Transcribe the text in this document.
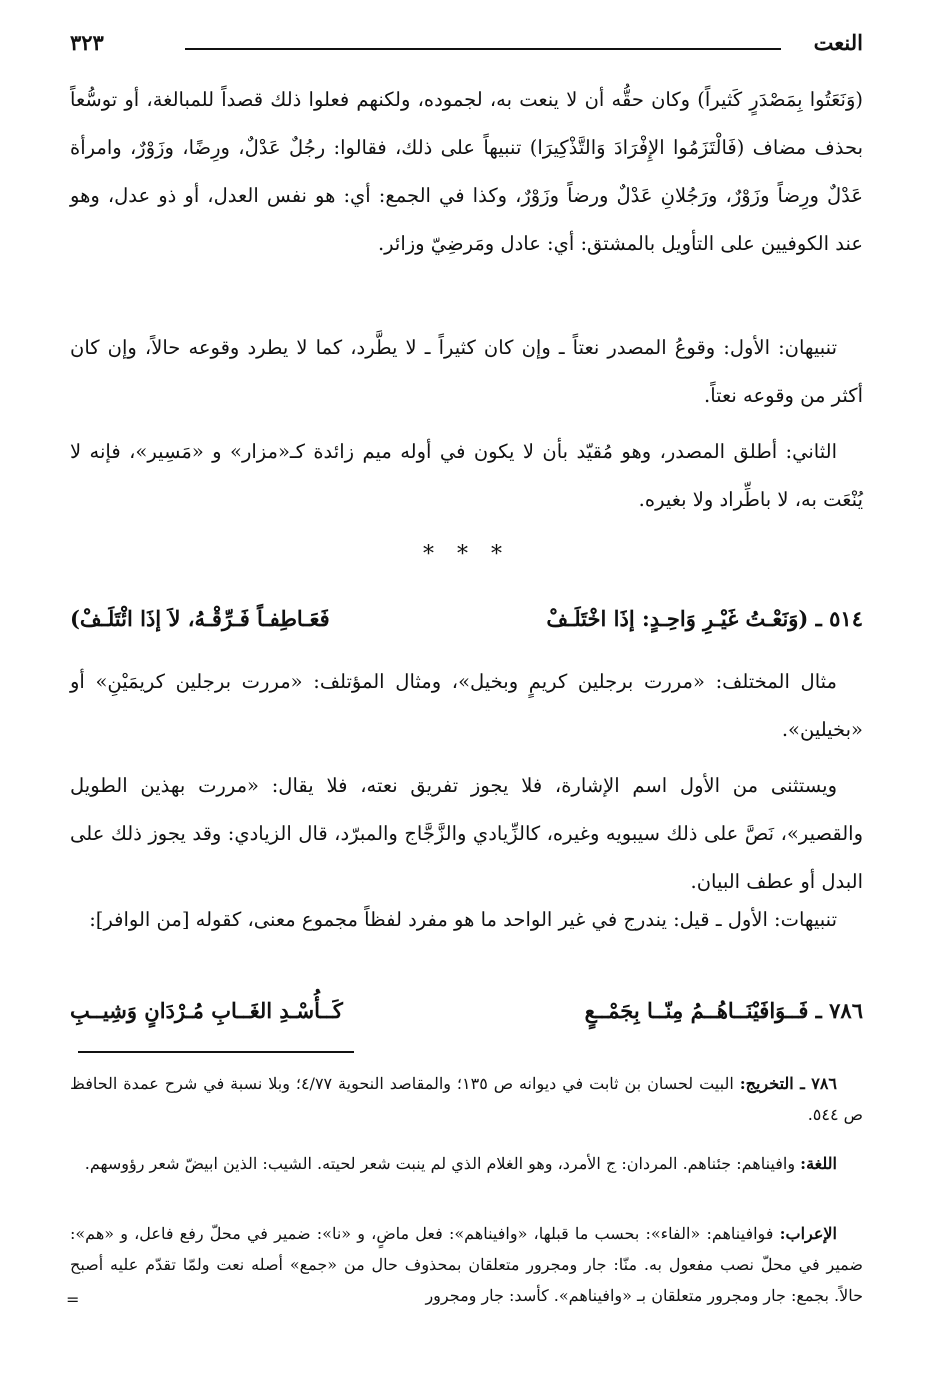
النعت
٣٢٣

(وَنَعَتُوا بِمَصْدَرٍ كَثيراً) وكان حقُّه أن لا ينعت به، لجموده، ولكنهم فعلوا ذلك قصداً للمبالغة، أو توسُّعاً بحذف مضاف (فَالْتَزَمُوا الإِفْرَادَ وَالتَّذْكِيرَا) تنبيهاً على ذلك، فقالوا: رجُلٌ عَدْلٌ، ورِضًا، وزَوْرٌ، وامرأة عَدْلٌ ورِضاً وزَوْرٌ، ورَجُلانِ عَدْلٌ ورضاً وزَوْرٌ، وكذا في الجمع: أي: هو نفس العدل، أو ذو عدل، وهو عند الكوفيين على التأويل بالمشتق: أي: عادل ومَرضِيّ وزائر.

تنبيهان: الأول: وقوعُ المصدر نعتاً ـ وإن كان كثيراً ـ لا يطَّرد، كما لا يطرد وقوعه حالاً، وإن كان أكثر من وقوعه نعتاً.

الثاني: أطلق المصدر، وهو مُقيّد بأن لا يكون في أوله ميم زائدة كـ«مزار» و «مَسِير»، فإنه لا يُنْعَت به، لا باطِّراد ولا بغيره.

* * *
٥١٤ ـ (وَنَعْـتُ غَيْـرِ وَاحِـدٍ: إذَا اخْتَلَـفْ
فَعَـاطِفـاً فَـرِّقْـهُ، لاَ إذَا ائْتَلَـفْ)

مثال المختلف: «مررت برجلين كريمٍ وبخيل»، ومثال المؤتلف: «مررت برجلين كريمَيْنِ» أو «بخيلين».

ويستثنى من الأول اسم الإشارة، فلا يجوز تفريق نعته، فلا يقال: «مررت بهذين الطويل والقصير»، نَصَّ على ذلك سيبويه وغيره، كالزِّيادي والزَّجَّاج والمبرّد، قال الزيادي: وقد يجوز ذلك على البدل أو عطف البيان.

تنبيهات: الأول ـ قيل: يندرج في غير الواحد ما هو مفرد لفظاً مجموع معنى، كقوله [من الوافر]:

٧٨٦ ـ فَــوَافَيْنَــاهُــمُ مِنّــا بِجَمْــعٍ
كَــأُسْـدِ الغَــابِ مُـرْدَانٍ وَشِيــبِ

٧٨٦ ـ التخريج: البيت لحسان بن ثابت في ديوانه ص ١٣٥؛ والمقاصد النحوية ٤/٧٧؛ وبلا نسبة في شرح عمدة الحافظ ص ٥٤٤.

اللغة: وافيناهم: جئناهم. المردان: ج الأمرد، وهو الغلام الذي لم ينبت شعر لحيته. الشيب: الذين ابيضّ شعر رؤوسهم.

الإعراب: فوافيناهم: «الفاء»: بحسب ما قبلها، «وافيناهم»: فعل ماضٍ، و «نا»: ضمير في محلّ رفع فاعل، و «هم»: ضمير في محلّ نصب مفعول به. منّا: جار ومجرور متعلقان بمحذوف حال من «جمع» أصله نعت ولمّا تقدّم عليه أصبح حالاً. بجمع: جار ومجرور متعلقان بـ «وافيناهم». كأسد: جار ومجرور

=
